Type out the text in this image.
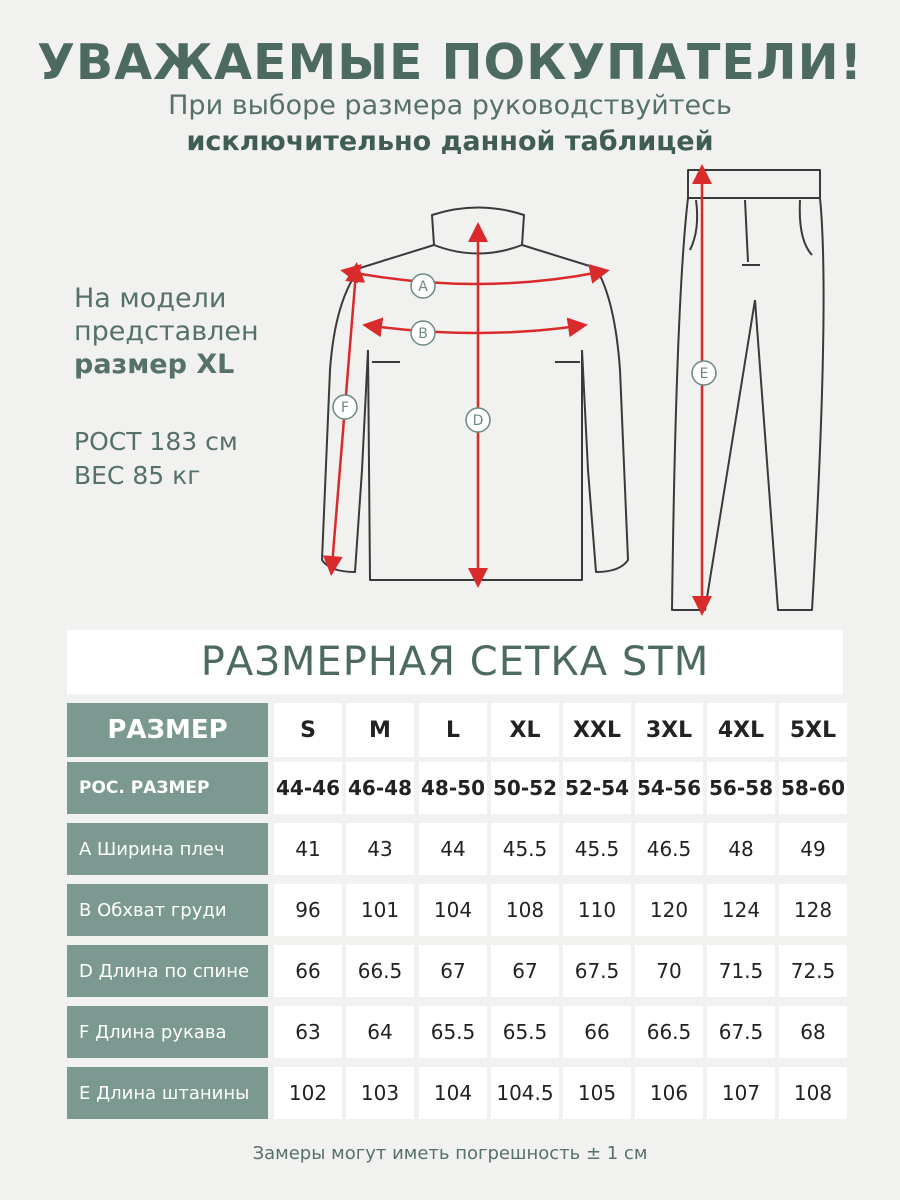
УВАЖАЕМЫЕ ПОКУПАТЕЛИ!
При выборе размера руководствуйтесь
исключительно данной таблицей
На модели
представлен
размер XL
РОСТ 183 см
ВЕС 85 кг
A
B
D
F
E
РАЗМЕРНАЯ СЕТКА STM
РАЗМЕР	S	M	L	XL	XXL	3XL	4XL	5XL
РОС. РАЗМЕР	44-46 46-48 48-50 50-52 52-54 54-56 56-58 58-60
А Ширина плеч	41	43	44	45.5	45.5	46.5	48	49
В Обхват груди	96	101	104	108	110	120	124	128
D Длина по спине	66	66.5	67	67	67.5	70	71.5	72.5
F Длина рукава	63	64	65.5	65.5	66	66.5	67.5	68
Е Длина штанины	102	103	104	104.5	105	106	107	108
Замеры могут иметь погрешность ± 1 см
